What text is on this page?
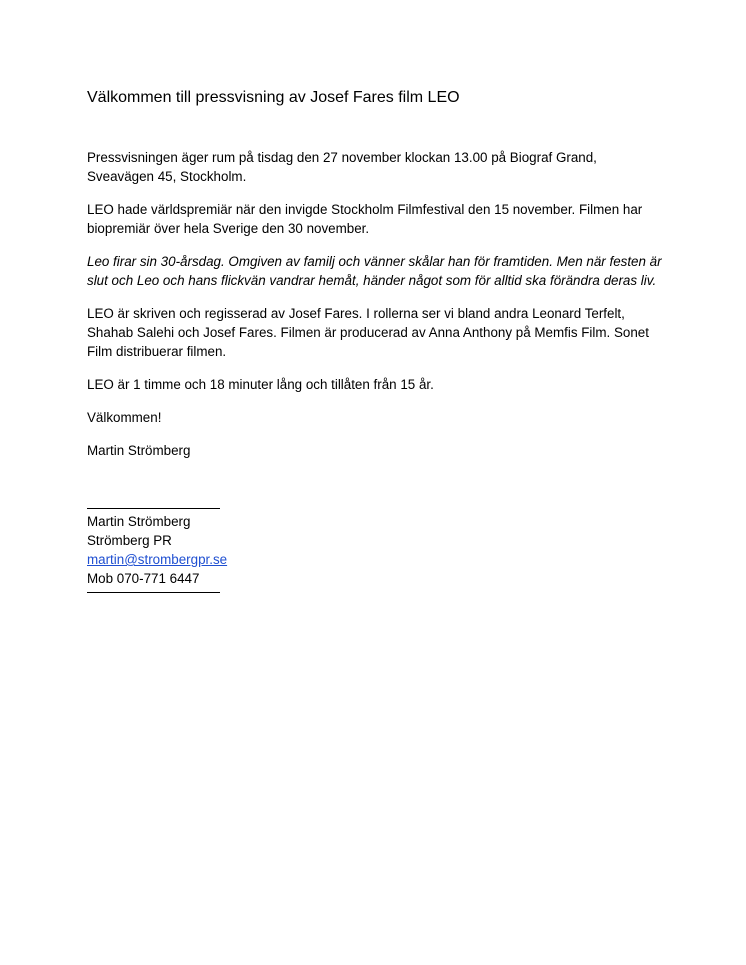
Välkommen till pressvisning av Josef Fares film LEO

Pressvisningen äger rum på tisdag den 27 november klockan 13.00 på Biograf Grand, Sveavägen 45, Stockholm.

LEO hade världspremiär när den invigde Stockholm Filmfestival den 15 november. Filmen har biopremiär över hela Sverige den 30 november.

Leo firar sin 30-årsdag. Omgiven av familj och vänner skålar han för framtiden. Men när festen är slut och Leo och hans flickvän vandrar hemåt, händer något som för alltid ska förändra deras liv.

LEO är skriven och regisserad av Josef Fares. I rollerna ser vi bland andra Leonard Terfelt, Shahab Salehi och Josef Fares. Filmen är producerad av Anna Anthony på Memfis Film. Sonet Film distribuerar filmen.

LEO är 1 timme och 18 minuter lång och tillåten från 15 år.

Välkommen!

Martin Strömberg

Martin Strömberg
Strömberg PR
martin@strombergpr.se
Mob 070-771 6447
